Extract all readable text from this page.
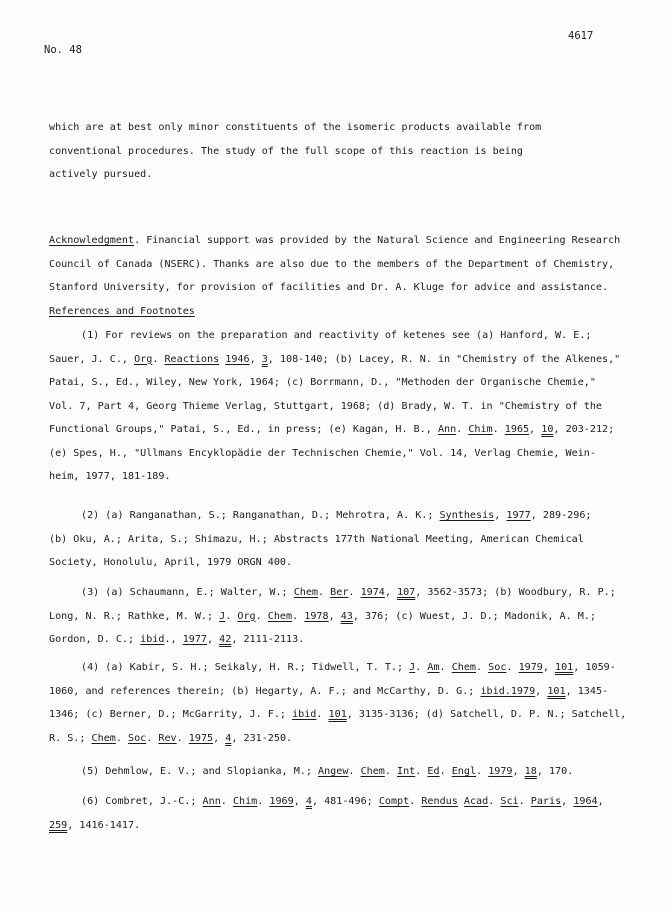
No. 48
4617
which are at best only minor constituents of the isomeric products available from
conventional procedures. The study of the full scope of this reaction is being
actively pursued.
Acknowledgment. Financial support was provided by the Natural Science and Engineering Research
Council of Canada (NSERC). Thanks are also due to the members of the Department of Chemistry,
Stanford University, for provision of facilities and Dr. A. Kluge for advice and assistance.
References and Footnotes
(1) For reviews on the preparation and reactivity of ketenes see (a) Hanford, W. E.;
Sauer, J. C., Org. Reactions 1946, 3, 108-140; (b) Lacey, R. N. in "Chemistry of the Alkenes,"
Patai, S., Ed., Wiley, New York, 1964; (c) Borrmann, D., "Methoden der Organische Chemie,"
Vol. 7, Part 4, Georg Thieme Verlag, Stuttgart, 1968; (d) Brady, W. T. in "Chemistry of the
Functional Groups," Patai, S., Ed., in press; (e) Kagan, H. B., Ann. Chim. 1965, 10, 203-212;
(e) Spes, H., "Ullmans Encyklopädie der Technischen Chemie," Vol. 14, Verlag Chemie, Wein-
heim, 1977, 181-189.
(2) (a) Ranganathan, S.; Ranganathan, D.; Mehrotra, A. K.; Synthesis, 1977, 289-296;
(b) Oku, A.; Arita, S.; Shimazu, H.; Abstracts 177th National Meeting, American Chemical
Society, Honolulu, April, 1979 ORGN 400.
(3) (a) Schaumann, E.; Walter, W.; Chem. Ber. 1974, 107, 3562-3573; (b) Woodbury, R. P.;
Long, N. R.; Rathke, M. W.; J. Org. Chem. 1978, 43, 376; (c) Wuest, J. D.; Madonik, A. M.;
Gordon, D. C.; ibid., 1977, 42, 2111-2113.
(4) (a) Kabir, S. H.; Seikaly, H. R.; Tidwell, T. T.; J. Am. Chem. Soc. 1979, 101, 1059-
1060, and references therein; (b) Hegarty, A. F.; and McCarthy, D. G.; ibid.1979, 101, 1345-
1346; (c) Berner, D.; McGarrity, J. F.; ibid. 101, 3135-3136; (d) Satchell, D. P. N.; Satchell,
R. S.; Chem. Soc. Rev. 1975, 4, 231-250.
(5) Dehmlow, E. V.; and Slopianka, M.; Angew. Chem. Int. Ed. Engl. 1979, 18, 170.
(6) Combret, J.-C.; Ann. Chim. 1969, 4, 481-496; Compt. Rendus Acad. Sci. Paris, 1964,
259, 1416-1417.
